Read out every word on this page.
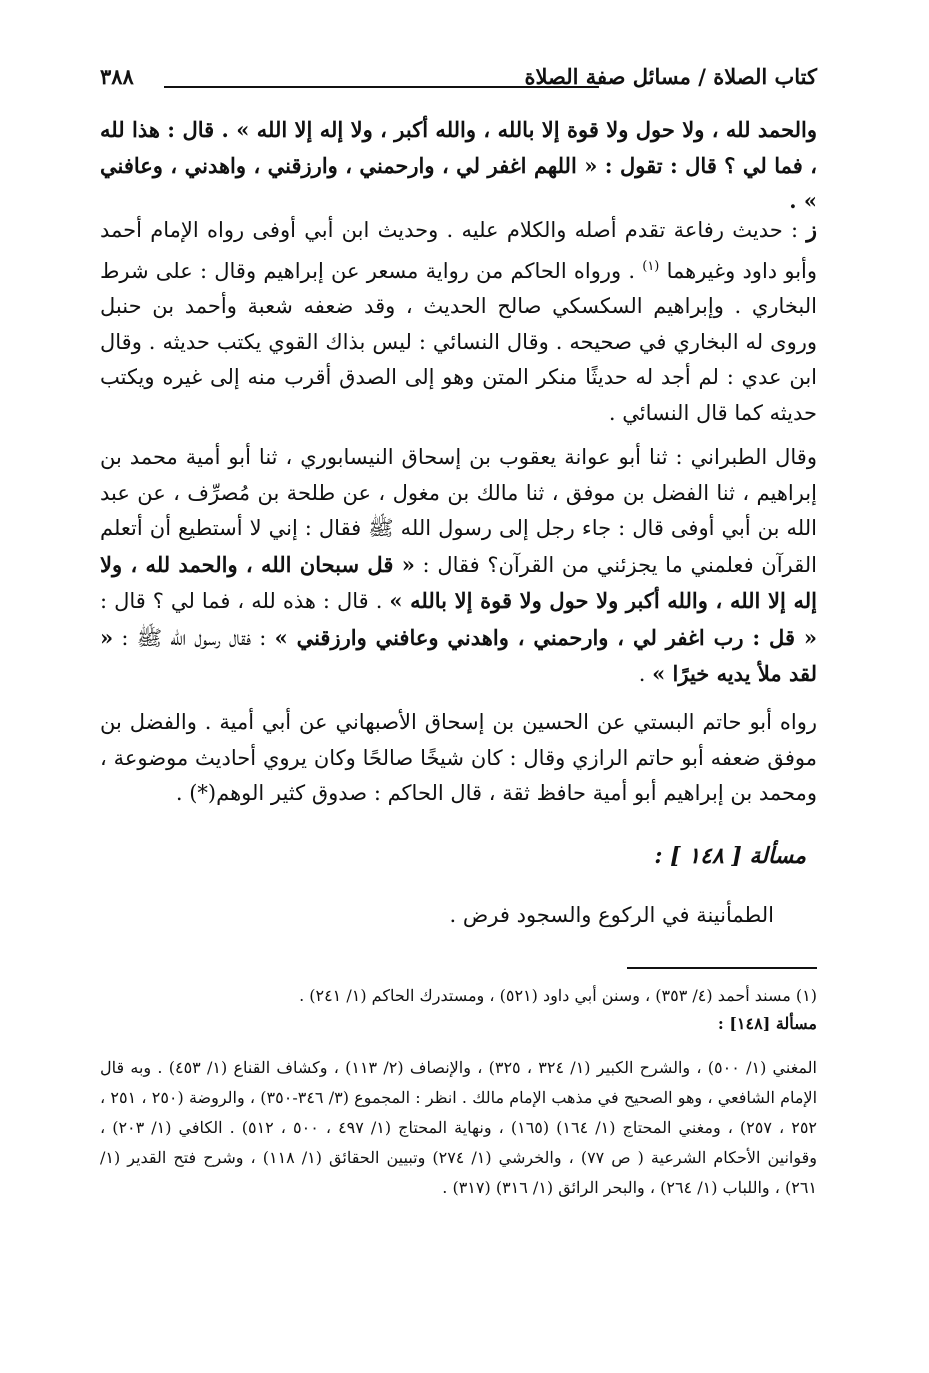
كتاب الصلاة / مسائل صفة الصلاة
٣٨٨
والحمد لله ، ولا حول ولا قوة إلا بالله ، والله أكبر ، ولا إله إلا الله » . قال : هذا لله ، فما لي ؟ قال : تقول : « اللهم اغفر لي ، وارحمني ، وارزقني ، واهدني ، وعافني » .
ز : حديث رفاعة تقدم أصله والكلام عليه . وحديث ابن أبي أوفى رواه الإمام أحمد وأبو داود وغيرهما $^{(١)}$ . ورواه الحاكم من رواية مسعر عن إبراهيم وقال : على شرط البخاري . وإبراهيم السكسكي صالح الحديث ، وقد ضعفه شعبة وأحمد بن حنبل وروى له البخاري في صحيحه . وقال النسائي : ليس بذاك القوي يكتب حديثه . وقال ابن عدي : لم أجد له حديثًا منكر المتن وهو إلى الصدق أقرب منه إلى غيره ويكتب حديثه كما قال النسائي .
وقال الطبراني : ثنا أبو عوانة يعقوب بن إسحاق النيسابوري ، ثنا أبو أمية محمد بن إبراهيم ، ثنا الفضل بن موفق ، ثنا مالك بن مغول ، عن طلحة بن مُصرِّف ، عن عبد الله بن أبي أوفى قال : جاء رجل إلى رسول الله ﷺ فقال : إني لا أستطيع أن أتعلم القرآن فعلمني ما يجزئني من القرآن؟ فقال : « قل سبحان الله ، والحمد لله ، ولا إله إلا الله ، والله أكبر ولا حول ولا قوة إلا بالله » . قال : هذه لله ، فما لي ؟ قال : « قل : رب اغفر لي ، وارحمني ، واهدني وعافني وارزقني » : فقال رسول الله ﷺ : « لقد ملأ يديه خيرًا » .
رواه أبو حاتم البستي عن الحسين بن إسحاق الأصبهاني عن أبي أمية . والفضل بن موفق ضعفه أبو حاتم الرازي وقال : كان شيخًا صالحًا وكان يروي أحاديث موضوعة ، ومحمد بن إبراهيم أبو أمية حافظ ثقة ، قال الحاكم : صدوق كثير الوهم(*) .
مسألة [ ١٤٨ ] :
الطمأنينة في الركوع والسجود فرض .
(١) مسند أحمد (٤/ ٣٥٣) ، وسنن أبي داود (٥٢١) ، ومستدرك الحاكم (١/ ٢٤١) .
مسألة [١٤٨] :
المغني (١/ ٥٠٠) ، والشرح الكبير (١/ ٣٢٤ ، ٣٢٥) ، والإنصاف (٢/ ١١٣) ، وكشاف القناع (١/ ٤٥٣) . وبه قال الإمام الشافعي ، وهو الصحيح في مذهب الإمام مالك . انظر : المجموع (٣/ ٣٤٦-٣٥٠) ، والروضة (٢٥٠ ، ٢٥١ ، ٢٥٢ ، ٢٥٧) ، ومغني المحتاج (١/ ١٦٤) (١٦٥) ، ونهاية المحتاج (١/ ٤٩٧ ، ٥٠٠ ، ٥١٢) . الكافي (١/ ٢٠٣) ، وقوانين الأحكام الشرعية ( ص ٧٧) ، والخرشي (١/ ٢٧٤) وتبيين الحقائق (١/ ١١٨) ، وشرح فتح القدير (١/ ٢٦١) ، واللباب (١/ ٢٦٤) ، والبحر الرائق (١/ ٣١٦) (٣١٧) .
